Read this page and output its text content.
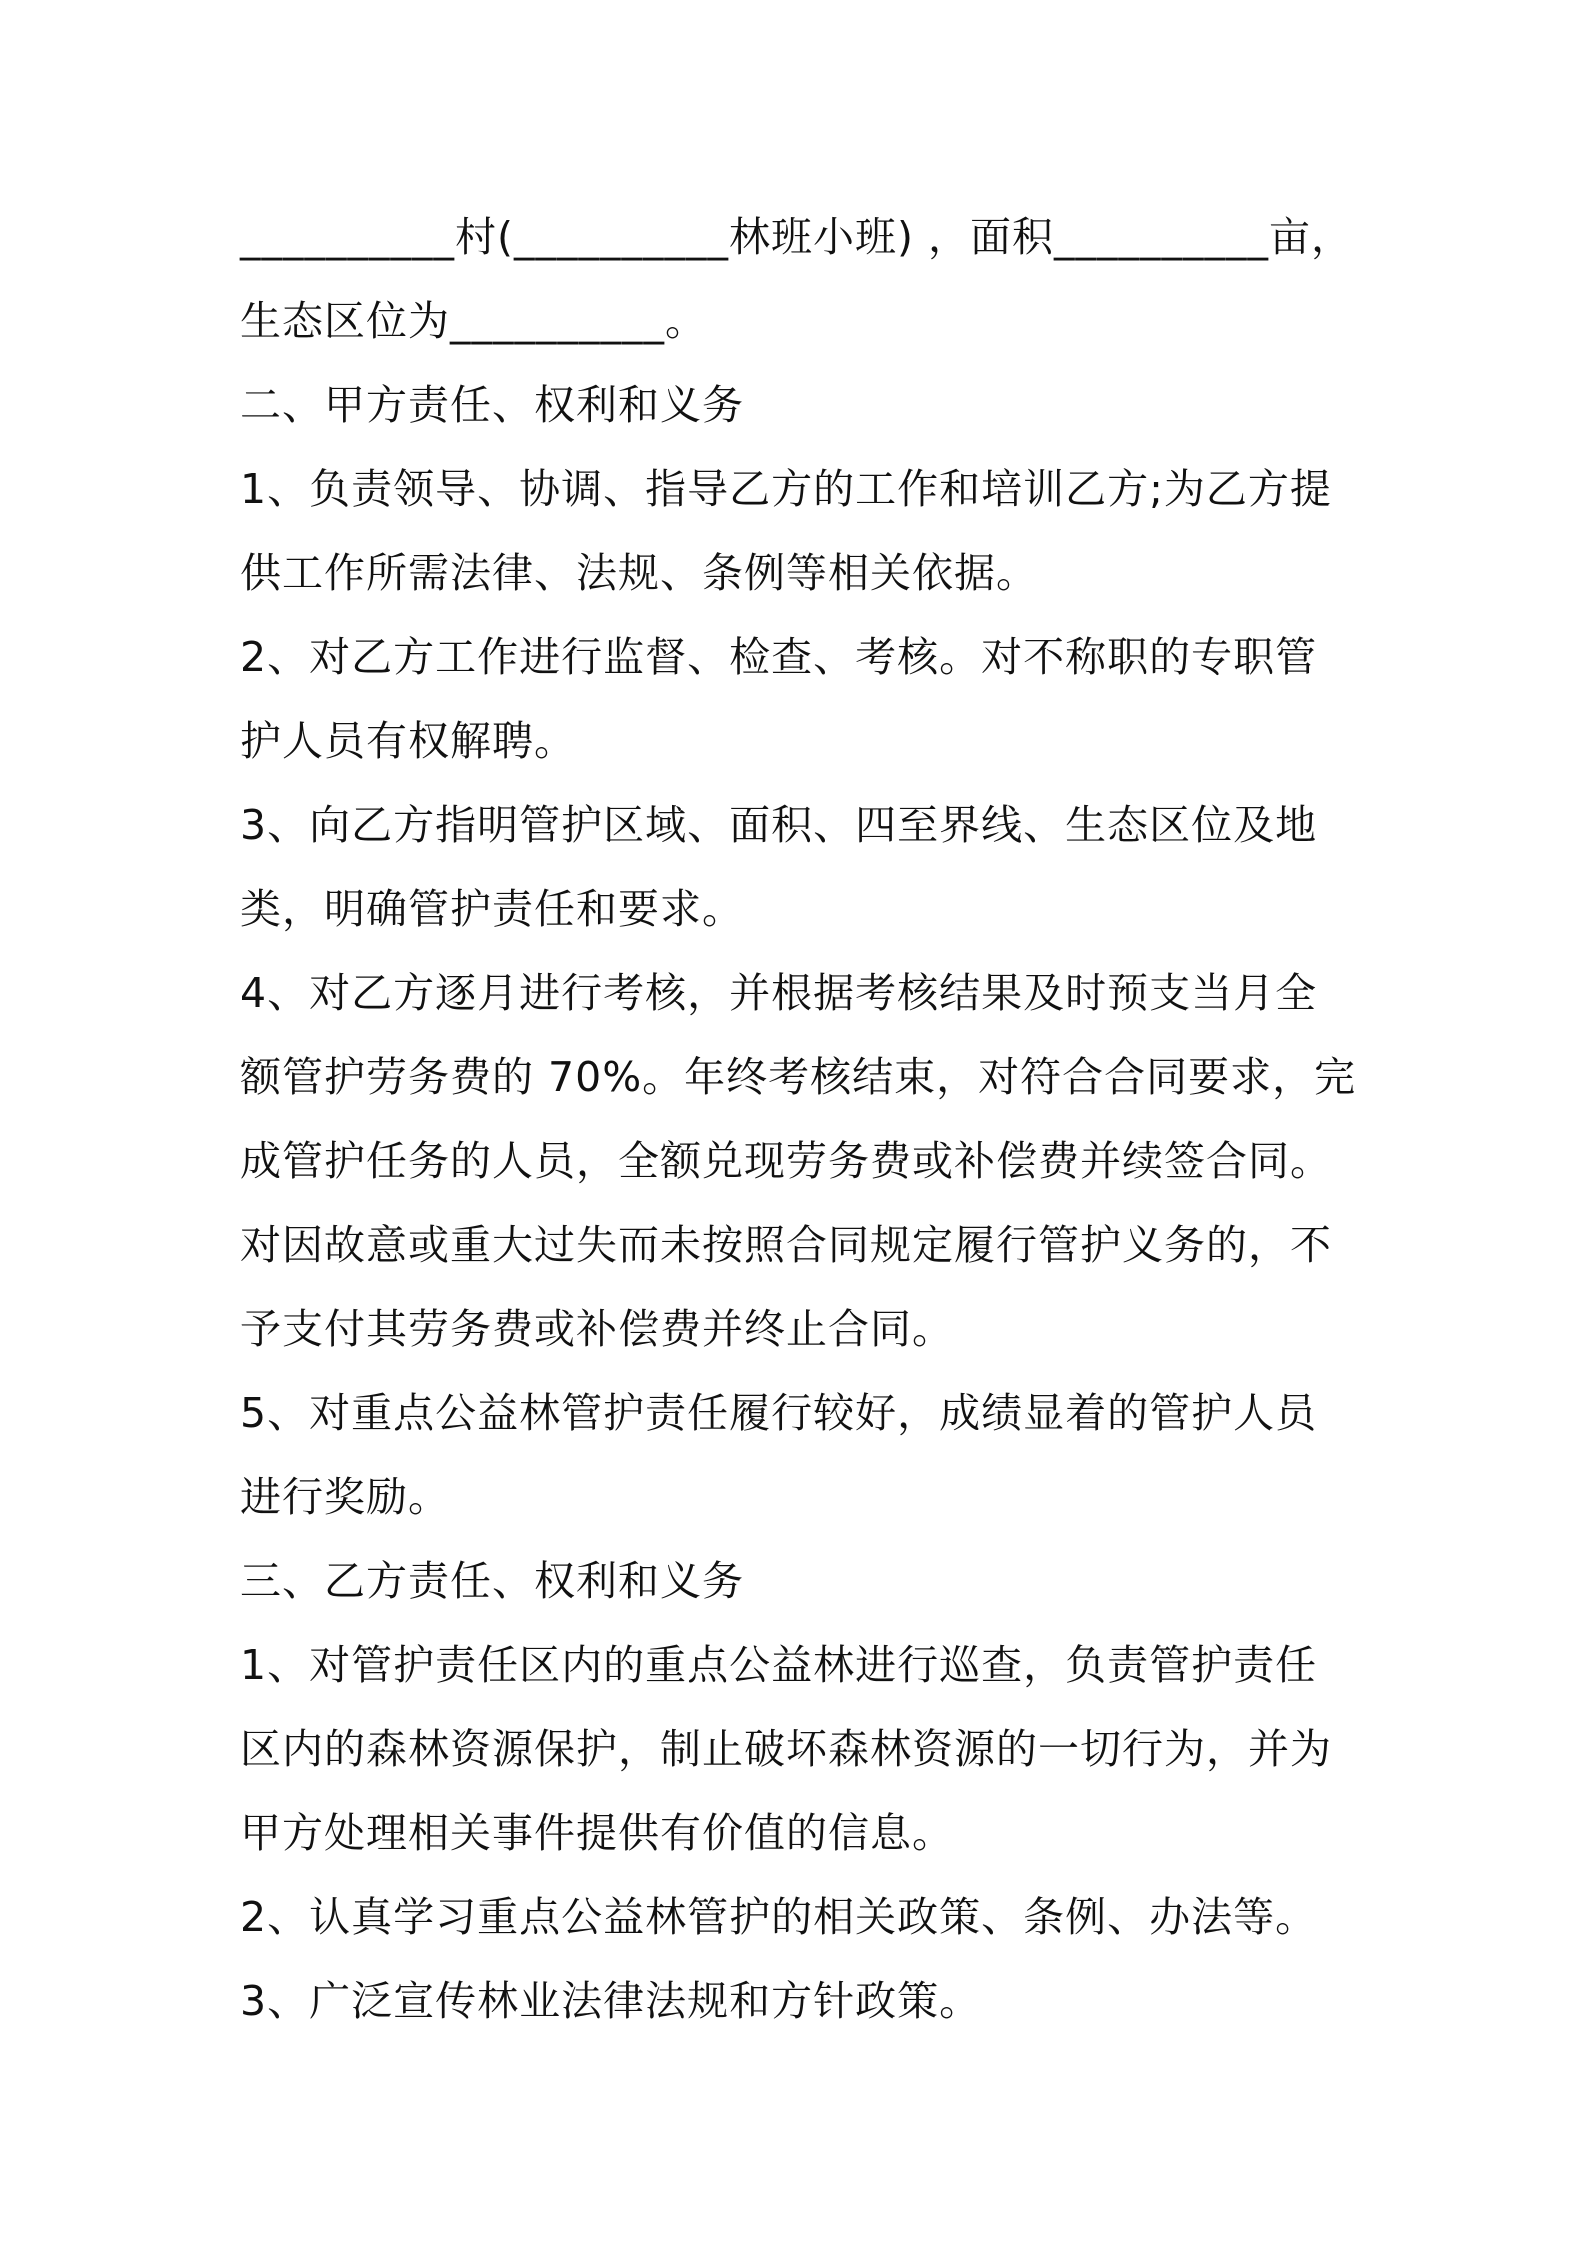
__________村(__________林班小班) ，面积__________亩，
生态区位为__________。
二、甲方责任、权利和义务
1、负责领导、协调、指导乙方的工作和培训乙方;为乙方提
供工作所需法律、法规、条例等相关依据。
2、对乙方工作进行监督、检查、考核。对不称职的专职管
护人员有权解聘。
3、向乙方指明管护区域、面积、四至界线、生态区位及地
类，明确管护责任和要求。
4、对乙方逐月进行考核，并根据考核结果及时预支当月全
额管护劳务费的 70%。年终考核结束，对符合合同要求，完
成管护任务的人员，全额兑现劳务费或补偿费并续签合同。
对因故意或重大过失而未按照合同规定履行管护义务的，不
予支付其劳务费或补偿费并终止合同。
5、对重点公益林管护责任履行较好，成绩显着的管护人员
进行奖励。
三、乙方责任、权利和义务
1、对管护责任区内的重点公益林进行巡查，负责管护责任
区内的森林资源保护，制止破坏森林资源的一切行为，并为
甲方处理相关事件提供有价值的信息。
2、认真学习重点公益林管护的相关政策、条例、办法等。
3、广泛宣传林业法律法规和方针政策。
